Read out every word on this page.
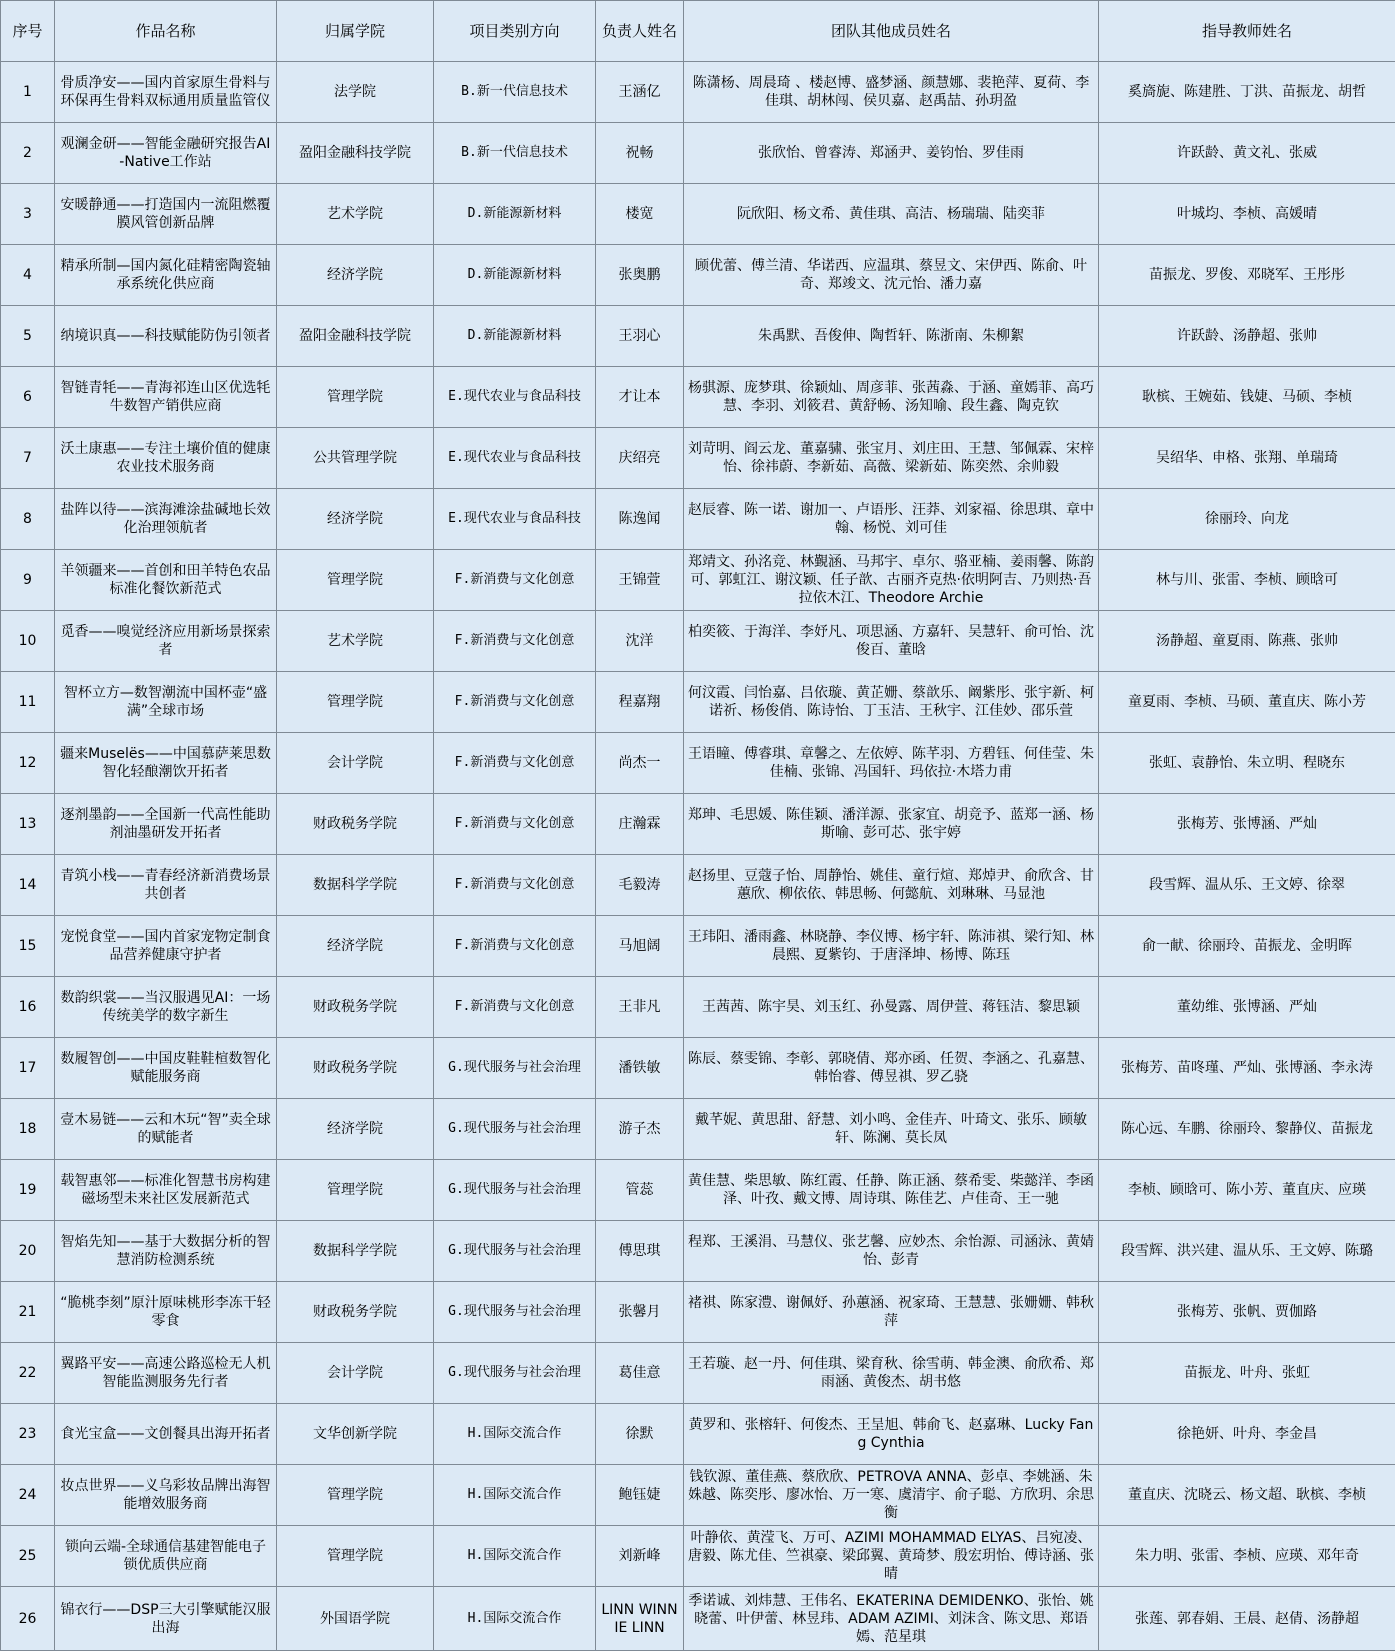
序号	作品名称	归属学院	项目类别方向	负责人姓名	团队其他成员姓名	指导教师姓名
1	骨质净安——国内首家原生骨料与环保再生骨料双标通用质量监管仪	法学院	B.新一代信息技术	王涵亿	陈潇杨、周晨琦 、楼赵博、盛梦涵、颜慧娜、裴艳萍、夏荷、李佳琪、胡林闯、侯贝嘉、赵禹喆、孙玥盈	奚旖旎、陈建胜、丁洪、苗振龙、胡哲
2	观澜金研——智能金融研究报告AI-Native工作站	盈阳金融科技学院	B.新一代信息技术	祝畅	张欣怡、曾睿涛、郑涵尹、姜钧怡、罗佳雨	许跃龄、黄文礼、张威
3	安暖静通——打造国内一流阻燃覆膜风管创新品牌	艺术学院	D.新能源新材料	楼宽	阮欣阳、杨文希、黄佳琪、高洁、杨瑞瑞、陆奕菲	叶城均、李桢、高媛晴
4	精承所制—国内氮化硅精密陶瓷轴承系统化供应商	经济学院	D.新能源新材料	张奥鹏	顾优蕾、傅兰清、华诺西、应温琪、蔡昱文、宋伊西、陈俞、叶奇、郑竣文、沈元怡、潘力嘉	苗振龙、罗俊、邓晓军、王彤彤
5	纳境识真——科技赋能防伪引领者	盈阳金融科技学院	D.新能源新材料	王羽心	朱禹默、吾俊伸、陶哲轩、陈浙南、朱柳絮	许跃龄、汤静超、张帅
6	智链青牦——青海祁连山区优选牦牛数智产销供应商	管理学院	E.现代农业与食品科技	才让本	杨骐源、庞梦琪、徐颖灿、周彦菲、张茜淼、于涵、童嫣菲、高巧慧、李羽、刘筱君、黄舒畅、汤知喻、段生鑫、陶克钦	耿槟、王婉茹、钱婕、马硕、李桢
7	沃土康惠——专注土壤价值的健康农业技术服务商	公共管理学院	E.现代农业与食品科技	庆绍亮	刘苛明、阎云龙、董嘉骕、张宝月、刘庄田、王慧、邹佩霖、宋梓怡、徐祎蔚、李新茹、高薇、梁新茹、陈奕然、余帅毅	吴绍华、申格、张翔、单瑞琦
8	盐阵以待——滨海滩涂盐碱地长效化治理领航者	经济学院	E.现代农业与食品科技	陈逸闻	赵辰睿、陈一诺、谢加一、卢语彤、汪莽、刘家福、徐思琪、章中翰、杨悦、刘可佳	徐丽玲、向龙
9	羊领疆来——首创和田羊特色农品标准化餐饮新范式	管理学院	F.新消费与文化创意	王锦萱	郑靖文、孙洺竞、林覲涵、马邦宇、卓尔、骆亚楠、姜雨馨、陈韵可、郭虹江、谢汶颖、任子歆、古丽齐克热·依明阿吉、乃则热·吾拉依木江、Theodore Archie	林与川、张雷、李桢、顾晗可
10	觅香——嗅觉经济应用新场景探索者	艺术学院	F.新消费与文化创意	沈洋	柏奕筱、于海洋、李妤凡、项思涵、方嘉轩、吴慧轩、俞可怡、沈俊百、董晗	汤静超、童夏雨、陈燕、张帅
11	智杯立方—数智潮流中国杯壶“盛满”全球市场	管理学院	F.新消费与文化创意	程嘉翔	何汶霞、闫怡嘉、吕依璇、黄芷姗、蔡歆乐、阚紫彤、张宇新、柯诺祈、杨俊俏、陈诗怡、丁玉洁、王秋宇、江佳妙、邵乐萱	童夏雨、李桢、马硕、董直庆、陈小芳
12	疆来Muselës——中国慕萨莱思数智化轻酿潮饮开拓者	会计学院	F.新消费与文化创意	尚杰一	王语瞳、傅睿琪、章馨之、左依婷、陈芊羽、方碧钰、何佳莹、朱佳楠、张锦、冯国轩、玛依拉·木塔力甫	张虹、袁静怡、朱立明、程晓东
13	逐剂墨韵——全国新一代高性能助剂油墨研发开拓者	财政税务学院	F.新消费与文化创意	庄瀚霖	郑珅、毛思媛、陈佳颖、潘洋源、张家宜、胡竞予、蓝郑一涵、杨斯喻、彭可芯、张宇婷	张梅芳、张博涵、严灿
14	青筑小栈——青春经济新消费场景共创者	数据科学学院	F.新消费与文化创意	毛毅涛	赵扬里、豆蔻子怡、周静怡、姚佳、童行煊、郑焯尹、俞欣含、甘蕙欣、柳依依、韩思畅、何懿航、刘琳琳、马显池	段雪辉、温从乐、王文婷、徐翠
15	宠悦食堂——国内首家宠物定制食品营养健康守护者	经济学院	F.新消费与文化创意	马旭阔	王玮阳、潘雨鑫、林晓静、李仪博、杨宇轩、陈沛祺、梁行知、林晨熙、夏紫钧、于唐泽坤、杨博、陈珏	俞一献、徐丽玲、苗振龙、金明晖
16	数韵织裳——当汉服遇见AI：一场传统美学的数字新生	财政税务学院	F.新消费与文化创意	王非凡	王茜茜、陈宇昊、刘玉红、孙曼露、周伊萱、蒋钰洁、黎思颖	董幼维、张博涵、严灿
17	数履智创——中国皮鞋鞋楦数智化赋能服务商	财政税务学院	G.现代服务与社会治理	潘铁敏	陈辰、蔡雯锦、李彰、郭晓倩、郑亦函、任贺、李涵之、孔嘉慧、韩怡睿、傅昱祺、罗乙骁	张梅芳、苗咚瑾、严灿、张博涵、李永涛
18	壹木易链——云和木玩“智”卖全球的赋能者	经济学院	G.现代服务与社会治理	游子杰	戴芊妮、黄思甜、舒慧、刘小鸣、金佳卉、叶琦文、张乐、顾敏轩、陈澜、莫长凤	陈心远、车鹏、徐丽玲、黎静仪、苗振龙
19	载智惠邻——标准化智慧书房构建磁场型未来社区发展新范式	管理学院	G.现代服务与社会治理	管蕊	黄佳慧、柴思敏、陈红霞、任静、陈正涵、蔡希雯、柴懿洋、李函泽、叶孜、戴文博、周诗琪、陈佳艺、卢佳奇、王一驰	李桢、顾晗可、陈小芳、董直庆、应瑛
20	智焰先知——基于大数据分析的智慧消防检测系统	数据科学学院	G.现代服务与社会治理	傅思琪	程郑、王溪涓、马慧仪、张艺馨、应妙杰、余怡源、司涵泳、黄婧怡、彭青	段雪辉、洪兴建、温从乐、王文婷、陈璐
21	“脆桃李刻”原汁原味桃形李冻干轻零食	财政税务学院	G.现代服务与社会治理	张馨月	褚祺、陈家澧、谢佩妤、孙蕙涵、祝家琦、王慧慧、张姗姗、韩秋萍	张梅芳、张帆、贾伽路
22	翼路平安——高速公路巡检无人机智能监测服务先行者	会计学院	G.现代服务与社会治理	葛佳意	王若璇、赵一丹、何佳琪、梁育秋、徐雪萌、韩金澳、俞欣希、郑雨涵、黄俊杰、胡书悠	苗振龙、叶舟、张虹
23	食光宝盒——文创餐具出海开拓者	文华创新学院	H.国际交流合作	徐默	黄罗和、张榕轩、何俊杰、王呈旭、韩俞飞、赵嘉琳、Lucky Fang Cynthia	徐艳妍、叶舟、李金昌
24	妆点世界——义乌彩妆品牌出海智能增效服务商	管理学院	H.国际交流合作	鲍钰婕	钱钦源、董佳燕、蔡欣欣、PETROVA ANNA、彭卓、李姚涵、朱姝越、陈奕彤、廖冰怡、万一寒、虞清宇、俞子聪、方欣玥、余思衡	董直庆、沈晓云、杨文超、耿槟、李桢
25	锁向云端-全球通信基建智能电子锁优质供应商	管理学院	H.国际交流合作	刘新峰	叶静依、黄滢飞、万可、AZIMI MOHAMMAD ELYAS、吕宛凌、唐毅、陈尤佳、竺祺豪、梁邱翼、黄琦梦、殷宏玥怡、傅诗涵、张晴	朱力明、张雷、李桢、应瑛、邓年奇
26	锦衣行——DSP三大引擎赋能汉服出海	外国语学院	H.国际交流合作	LINN WINNIE LINN	季诺诚、刘炜慧、王伟名、EKATERINA DEMIDENKO、张怡、姚晓蕾、叶伊蕾、林昱玮、ADAM AZIMI、刘沫含、陈文思、郑语嫣、范星琪	张莲、郭春娟、王晨、赵倩、汤静超
